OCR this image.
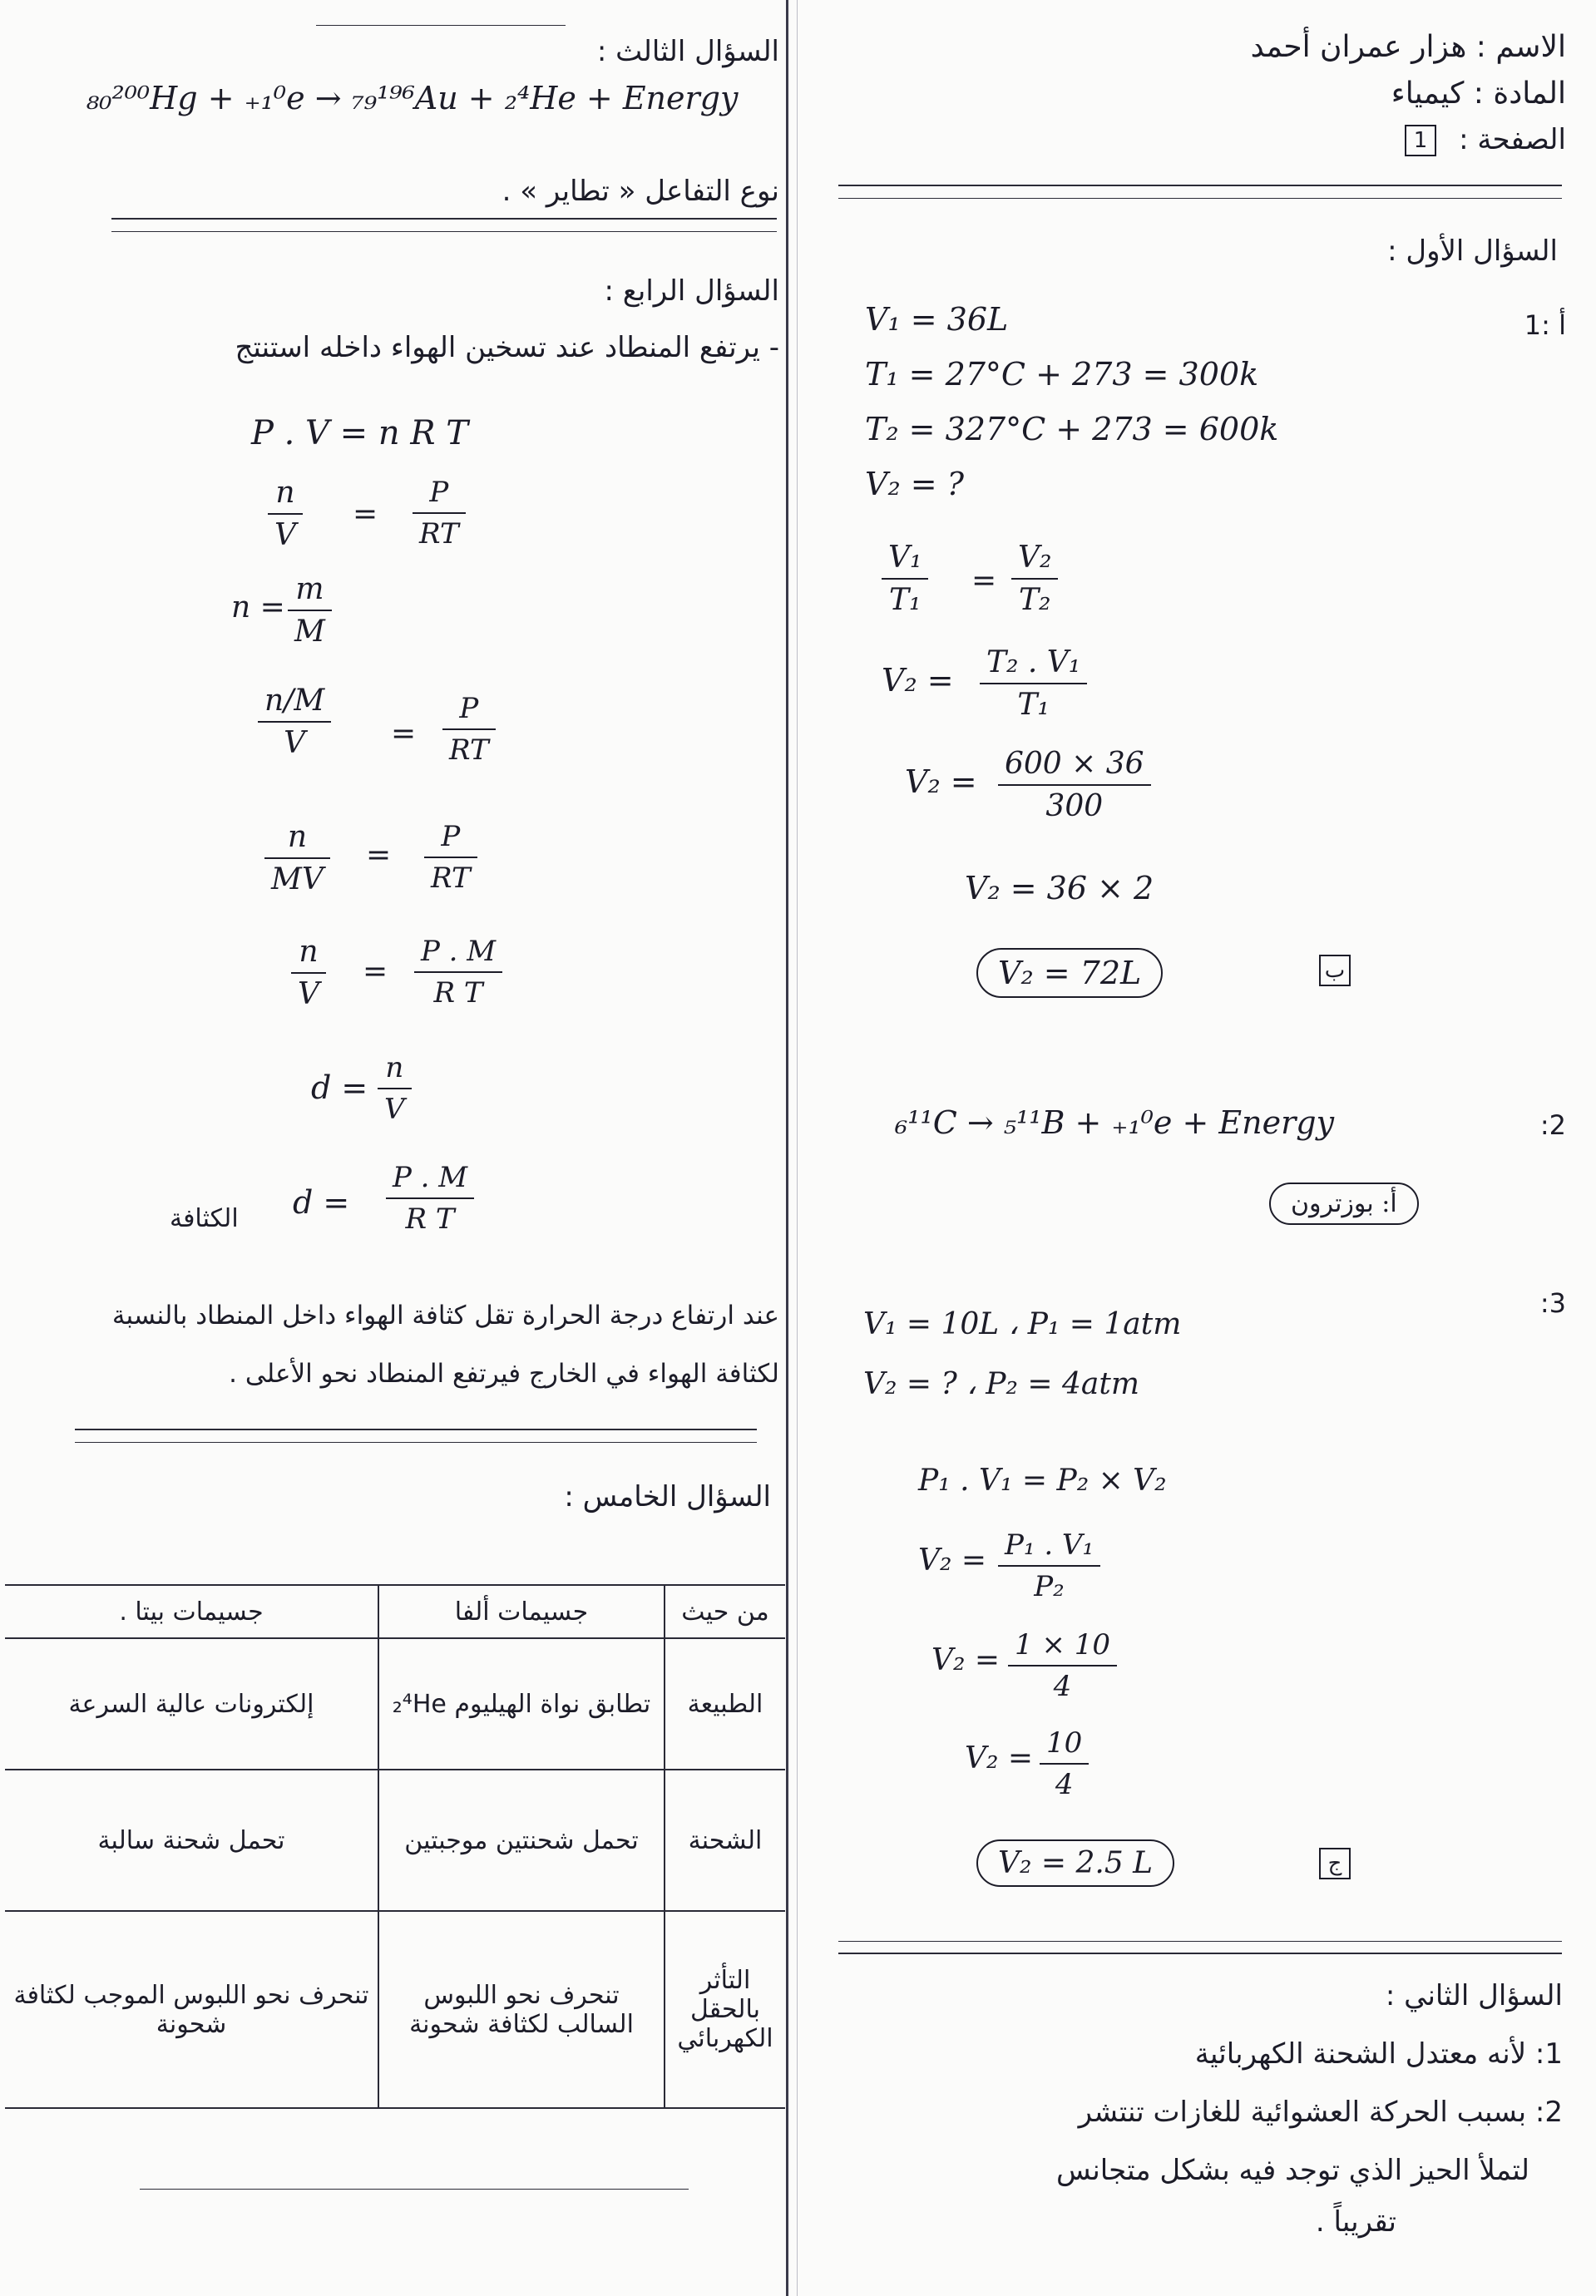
الاسم : هزار عمران أحمد
المادة : كيمياء
الصفحة :
1
السؤال الأول :
أ :1
V₁ = 36L
T₁ = 27°C + 273 = 300k
T₂ = 327°C + 273 = 600k
V₂ = ?
V₁
T₁
=
V₂
T₂
V₂ = T₂ . V₁
T₁
V₂ = 600 × 36
300
V₂ = 36 × 2
V₂ = 72L	ب
2:
₆¹¹C → ₅¹¹B + ₊₁⁰e + Energy
أ: بوزترون
3:
V₁ = 10L ، P₁ = 1atm
V₂ = ? ، P₂ = 4atm
P₁ . V₁ = P₂ × V₂
V₂ = P₁ . V₁
P₂
V₂ = 1 × 10
4
V₂ = 10
4
V₂ = 2.5 L	ج
السؤال الثاني :
1: لأنه معتدل الشحنة الكهربائية
2: بسبب الحركة العشوائية للغازات تنتشر
لتملأ الحيز الذي توجد فيه بشكل متجانس
تقريباً .
السؤال الثالث :
₈₀²⁰⁰Hg + ₊₁⁰e → ₇₉¹⁹⁶Au + ₂⁴He + Energy
نوع التفاعل « تطاير » .
السؤال الرابع :
- يرتفع المنطاد عند تسخين الهواء داخله استنتج
P . V = n R T
n
V
=
P
RT
n =
m
M
n/M
V	=
P
RT
n
MV
=
P
RT
n
V
=
P . M
R T
d =
n
V
الكثافة d =
P . M
R T
عند ارتفاع درجة الحرارة تقل كثافة الهواء داخل المنطاد بالنسبة
لكثافة الهواء في الخارج فيرتفع المنطاد نحو الأعلى .
السؤال الخامس :
من حيث	جسيمات ألفا	جسيمات بيتا .
الطبيعة	تطابق نواة الهيليوم ₂⁴He	إلكترونات عالية السرعة
الشحنة	تحمل شحنتين موجبتين	تحمل شحنة سالبة
التأثر بالحقل الكهربائي	تنحرف نحو اللبوس السالب لكثافة شحونة	تنحرف نحو اللبوس الموجب لكثافة شحونة
